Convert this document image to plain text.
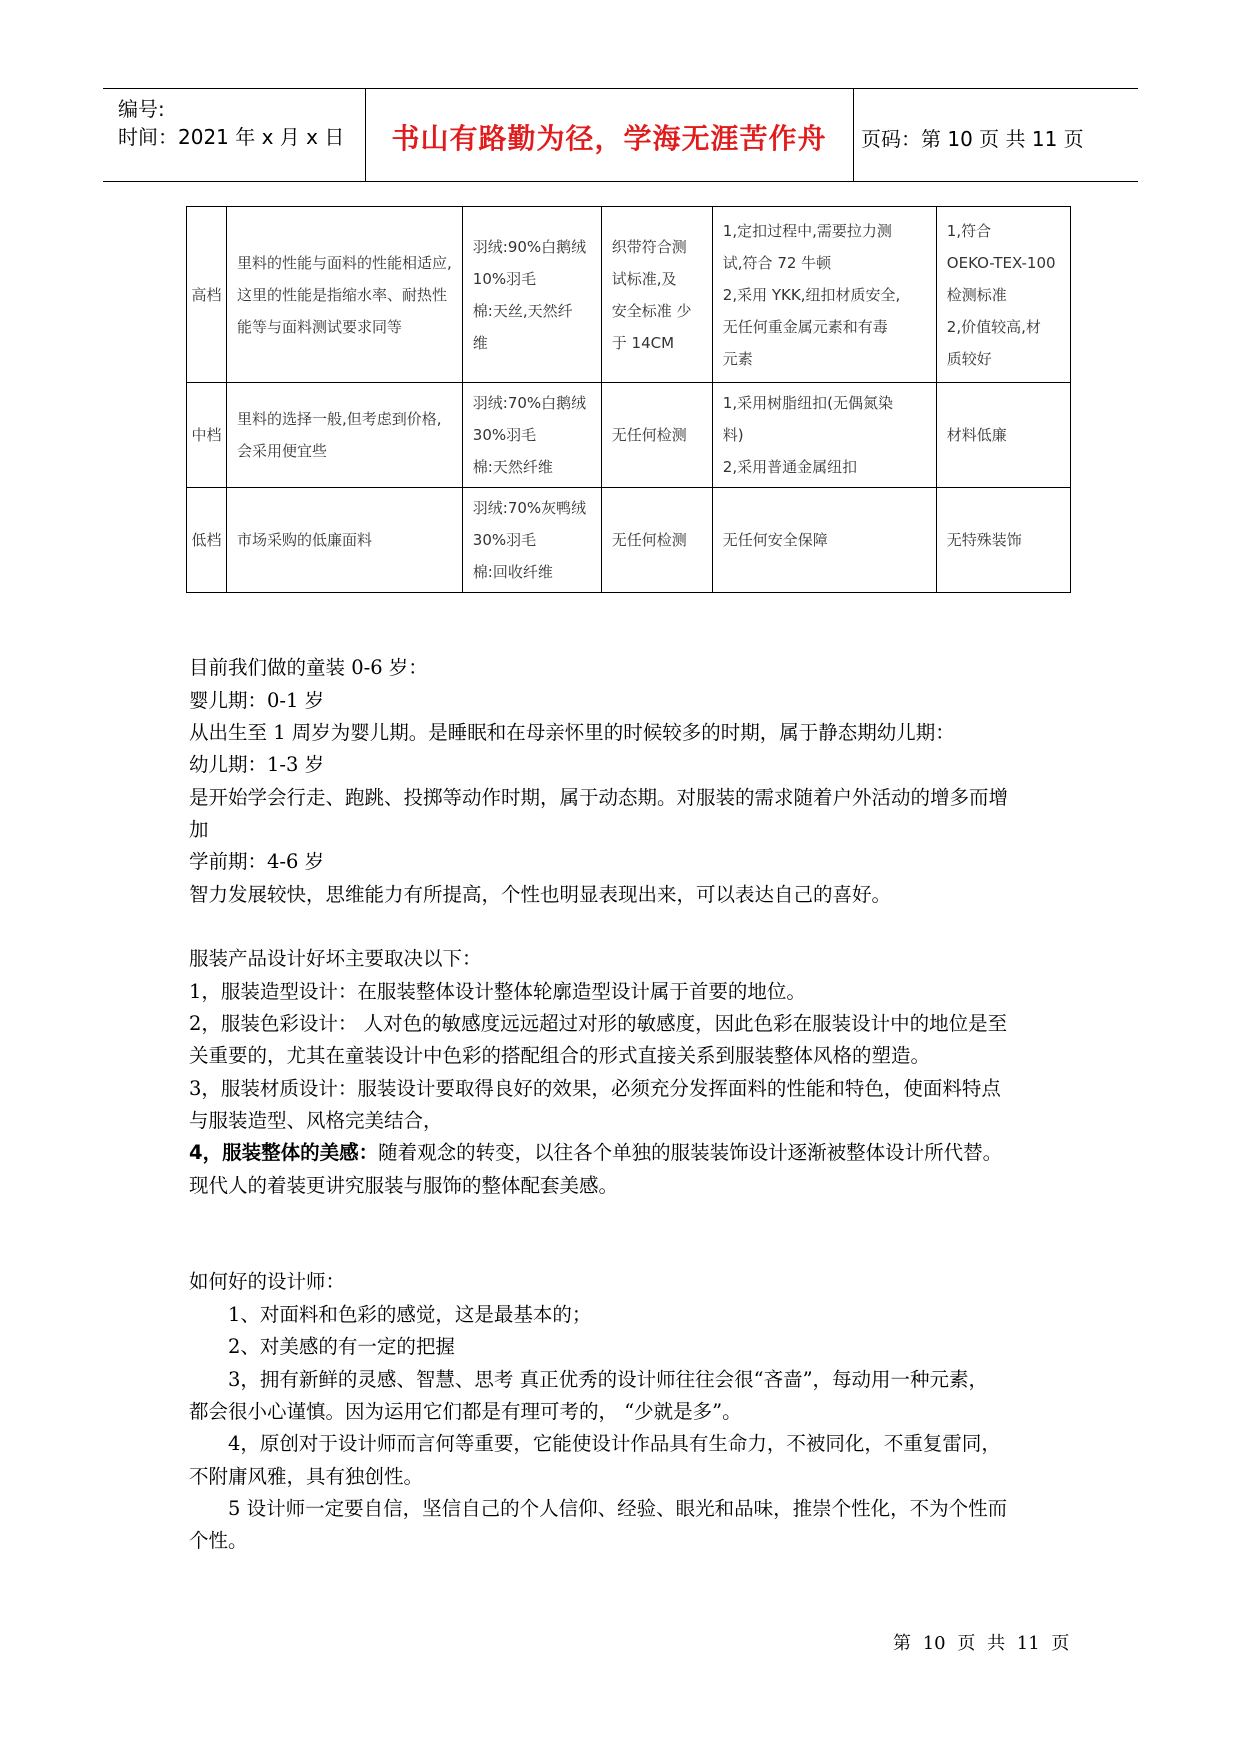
编号:
时间：2021 年 x 月 x 日	书山有路勤为径，学海无涯苦作舟	页码：第 10 页 共 11 页
高档	里料的性能与面料的性能相适应,
这里的性能是指缩水率、耐热性
能等与面料测试要求同等	羽绒:90%白鹅绒
10%羽毛
棉:天丝,天然纤
维	织带符合测
试标准,及
安全标准 少
于 14CM	1,定扣过程中,需要拉力测
试,符合 72 牛顿
2,采用 YKK,纽扣材质安全,
无任何重金属元素和有毒
元素	1,符合
OEKO-TEX-100
检测标准
2,价值较高,材
质较好

中档	里料的选择一般,但考虑到价格,
会采用便宜些	羽绒:70%白鹅绒
30%羽毛
棉:天然纤维	无任何检测	1,采用树脂纽扣(无偶氮染
料)
2,采用普通金属纽扣	材料低廉

低档	市场采购的低廉面料	羽绒:70%灰鸭绒
30%羽毛
棉:回收纤维	无任何检测	无任何安全保障	无特殊装饰
目前我们做的童装 0-6 岁：
婴儿期：0-1 岁
从出生至 1 周岁为婴儿期。是睡眠和在母亲怀里的时候较多的时期，属于静态期幼儿期：
幼儿期：1-3 岁
是开始学会行走、跑跳、投掷等动作时期，属于动态期。对服装的需求随着户外活动的增多而增
加
学前期：4-6 岁
智力发展较快，思维能力有所提高，个性也明显表现出来，可以表达自己的喜好。
服装产品设计好坏主要取决以下：
1，服装造型设计：在服装整体设计整体轮廓造型设计属于首要的地位。
2，服装色彩设计： 人对色的敏感度远远超过对形的敏感度，因此色彩在服装设计中的地位是至
关重要的，尤其在童装设计中色彩的搭配组合的形式直接关系到服装整体风格的塑造。
3，服装材质设计：服装设计要取得良好的效果，必须充分发挥面料的性能和特色，使面料特点
与服装造型、风格完美结合，
4，服装整体的美感：随着观念的转变，以往各个单独的服装装饰设计逐渐被整体设计所代替。
现代人的着装更讲究服装与服饰的整体配套美感。
如何好的设计师：
1、对面料和色彩的感觉，这是最基本的；
2、对美感的有一定的把握
3，拥有新鲜的灵感、智慧、思考 真正优秀的设计师往往会很“吝啬”，每动用一种元素，
都会很小心谨慎。因为运用它们都是有理可考的， “少就是多”。
4，原创对于设计师而言何等重要，它能使设计作品具有生命力，不被同化，不重复雷同，
不附庸风雅，具有独创性。
5 设计师一定要自信，坚信自己的个人信仰、经验、眼光和品味，推崇个性化，不为个性而
个性。
第 10 页 共 11 页
